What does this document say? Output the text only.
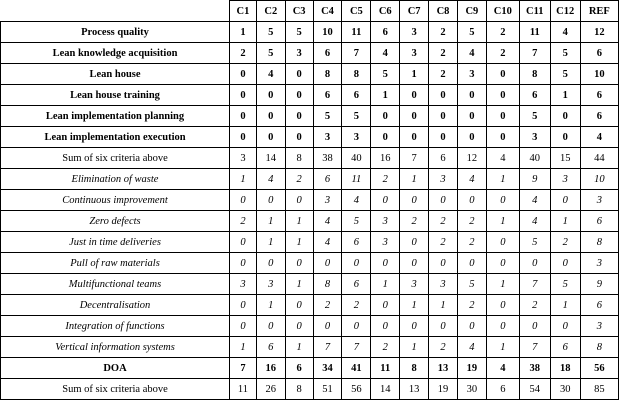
	C1	C2	C3	C4	C5	C6	C7	C8	C9	C10	C11	C12	REF
Process quality	1	5	5	10	11	6	3	2	5	2	11	4	12
Lean knowledge acquisition	2	5	3	6	7	4	3	2	4	2	7	5	6
Lean house	0	4	0	8	8	5	1	2	3	0	8	5	10
Lean house training	0	0	0	6	6	1	0	0	0	0	6	1	6
Lean implementation planning	0	0	0	5	5	0	0	0	0	0	5	0	6
Lean implementation execution	0	0	0	3	3	0	0	0	0	0	3	0	4
Sum of six criteria above	3	14	8	38	40	16	7	6	12	4	40	15	44
Elimination of waste	1	4	2	6	11	2	1	3	4	1	9	3	10
Continuous improvement	0	0	0	3	4	0	0	0	0	0	4	0	3
Zero defects	2	1	1	4	5	3	2	2	2	1	4	1	6
Just in time deliveries	0	1	1	4	6	3	0	2	2	0	5	2	8
Pull of raw materials	0	0	0	0	0	0	0	0	0	0	0	0	3
Multifunctional teams	3	3	1	8	6	1	3	3	5	1	7	5	9
Decentralisation	0	1	0	2	2	0	1	1	2	0	2	1	6
Integration of functions	0	0	0	0	0	0	0	0	0	0	0	0	3
Vertical information systems	1	6	1	7	7	2	1	2	4	1	7	6	8
DOA	7	16	6	34	41	11	8	13	19	4	38	18	56
Sum of six criteria above	11	26	8	51	56	14	13	19	30	6	54	30	85
